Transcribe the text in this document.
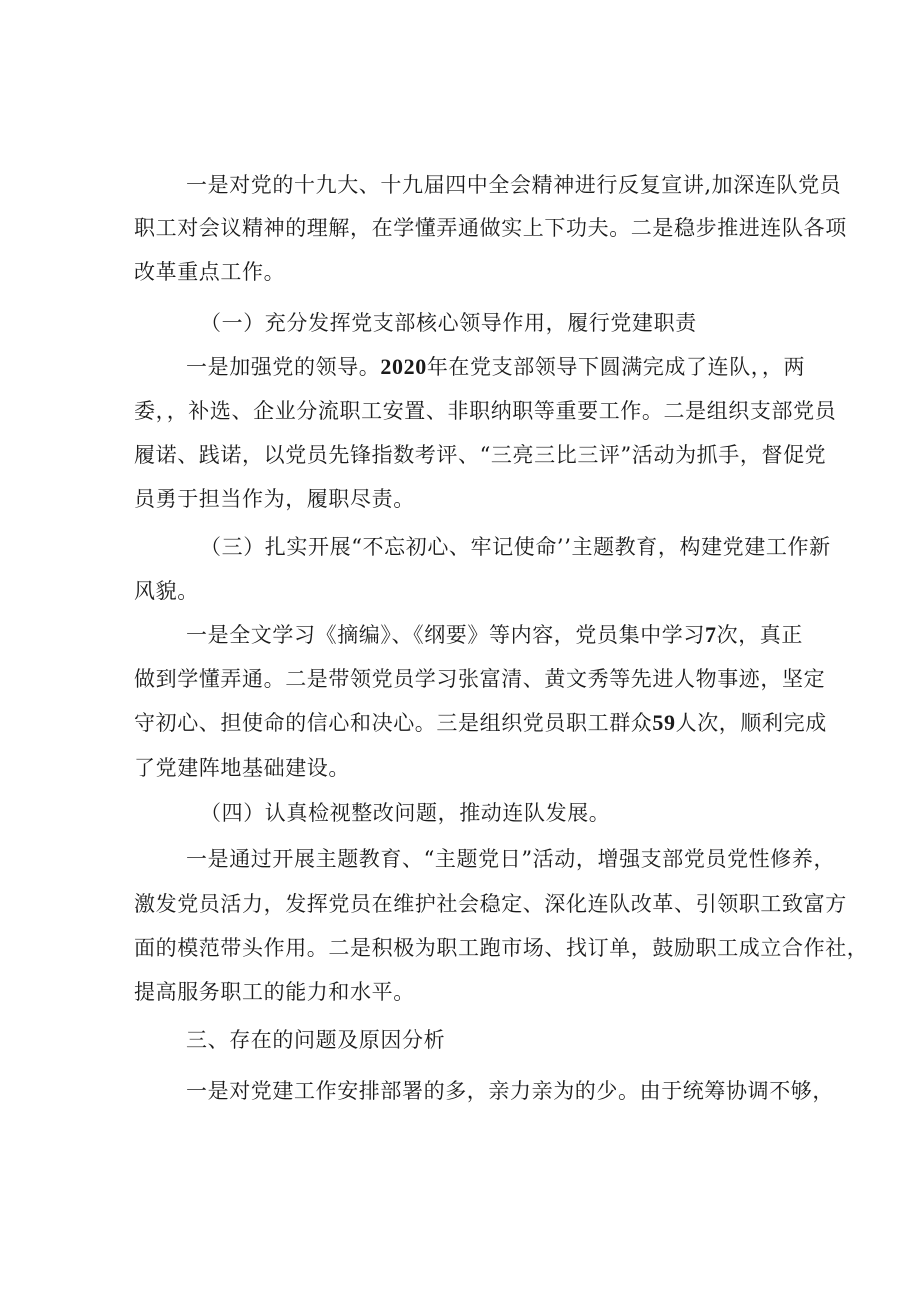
一是对党的十九大、十九届四中全会精神进行反复宣讲,加深连队党员
职工对会议精神的理解，在学懂弄通做实上下功夫。二是稳步推进连队各项
改革重点工作。
（一）充分发挥党支部核心领导作用，履行党建职责
一是加强党的领导。2020年在党支部领导下圆满完成了连队，，两
委，，补选、企业分流职工安置、非职纳职等重要工作。二是组织支部党员
履诺、践诺，以党员先锋指数考评、“三亮三比三评”活动为抓手，督促党
员勇于担当作为，履职尽责。
（三）扎实开展“不忘初心、牢记使命’’主题教育，构建党建工作新
风貌。
一是全文学习《摘编》、《纲要》等内容，党员集中学习7次，真正
做到学懂弄通。二是带领党员学习张富清、黄文秀等先进人物事迹，坚定
守初心、担使命的信心和决心。三是组织党员职工群众59人次，顺利完成
了党建阵地基础建设。
（四）认真检视整改问题，推动连队发展。
一是通过开展主题教育、“主题党日”活动，增强支部党员党性修养，
激发党员活力，发挥党员在维护社会稳定、深化连队改革、引领职工致富方
面的模范带头作用。二是积极为职工跑市场、找订单，鼓励职工成立合作社，
提高服务职工的能力和水平。
三、存在的问题及原因分析
一是对党建工作安排部署的多，亲力亲为的少。由于统筹协调不够，
